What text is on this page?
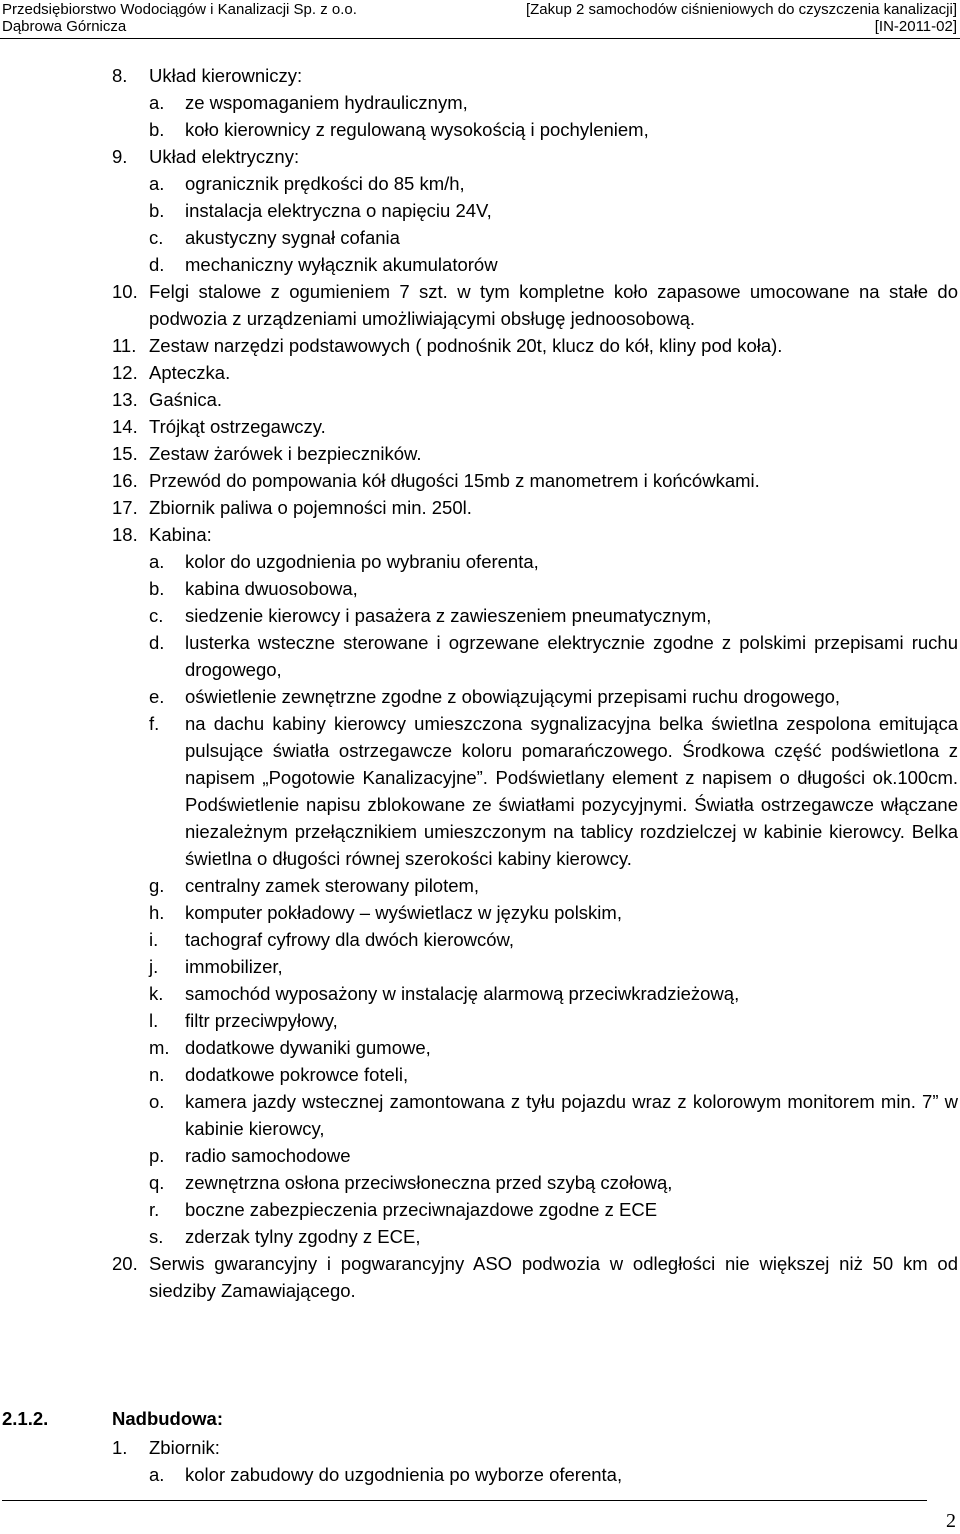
Przedsiębiorstwo Wodociągów i Kanalizacji Sp. z o.o.
Dąbrowa Górnicza
[Zakup 2 samochodów ciśnieniowych do czyszczenia kanalizacji]
[IN-2011-02]
8. Układ kierowniczy:
a. ze wspomaganiem hydraulicznym,
b. koło kierownicy z regulowaną wysokością i pochyleniem,
9. Układ elektryczny:
a. ogranicznik prędkości do 85 km/h,
b. instalacja elektryczna o napięciu 24V,
c. akustyczny sygnał cofania
d. mechaniczny wyłącznik akumulatorów
10. Felgi stalowe z ogumieniem 7 szt. w tym kompletne koło zapasowe umocowane na stałe do podwozia z urządzeniami umożliwiającymi obsługę jednoosobową.
11. Zestaw narzędzi podstawowych ( podnośnik 20t, klucz do kół, kliny pod koła).
12. Apteczka.
13. Gaśnica.
14. Trójkąt ostrzegawczy.
15. Zestaw żarówek i bezpieczników.
16. Przewód do pompowania kół długości 15mb z manometrem i końcówkami.
17. Zbiornik paliwa o pojemności min. 250l.
18. Kabina:
a. kolor do uzgodnienia po wybraniu oferenta,
b. kabina dwuosobowa,
c. siedzenie kierowcy i pasażera z zawieszeniem pneumatycznym,
d. lusterka wsteczne sterowane i ogrzewane elektrycznie zgodne z polskimi przepisami ruchu drogowego,
e. oświetlenie zewnętrzne zgodne z obowiązującymi przepisami ruchu drogowego,
f. na dachu kabiny kierowcy umieszczona sygnalizacyjna belka świetlna zespolona emitująca pulsujące światła ostrzegawcze koloru pomarańczowego. Środkowa część podświetlona z napisem „Pogotowie Kanalizacyjne”. Podświetlany element z napisem o długości ok.100cm. Podświetlenie napisu zblokowane ze światłami pozycyjnymi. Światła ostrzegawcze włączane niezależnym przełącznikiem umieszczonym na tablicy rozdzielczej w kabinie kierowcy. Belka świetlna o długości równej szerokości kabiny kierowcy.
g. centralny zamek sterowany pilotem,
h. komputer pokładowy – wyświetlacz w języku polskim,
i. tachograf cyfrowy dla dwóch kierowców,
j. immobilizer,
k. samochód wyposażony w instalację alarmową przeciwkradzieżową,
l. filtr przeciwpyłowy,
m. dodatkowe dywaniki gumowe,
n. dodatkowe pokrowce foteli,
o. kamera jazdy wstecznej zamontowana z tyłu pojazdu wraz z kolorowym monitorem min. 7” w kabinie kierowcy,
p. radio samochodowe
q. zewnętrzna osłona przeciwsłoneczna przed szybą czołową,
r. boczne zabezpieczenia przeciwnajazdowe zgodne z ECE
s. zderzak tylny zgodny z ECE,
20. Serwis gwarancyjny i pogwarancyjny ASO podwozia w odległości nie większej niż 50 km od siedziby Zamawiającego.
2.1.2.	Nadbudowa:
1. Zbiornik:
a. kolor zabudowy do uzgodnienia po wyborze oferenta,
2
